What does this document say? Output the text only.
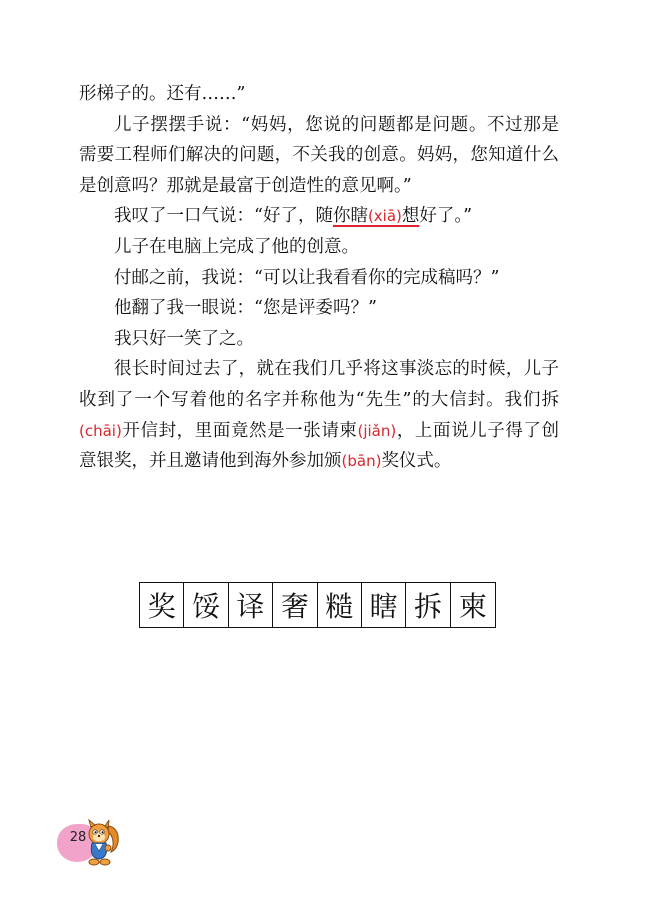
形梯子的。还有……”

儿子摆摆手说：“妈妈，您说的问题都是问题。不过那是需要工程师们解决的问题，不关我的创意。妈妈，您知道什么是创意吗？那就是最富于创造性的意见啊。”

我叹了一口气说：“好了，随你瞎(xiā)想好了。”

儿子在电脑上完成了他的创意。

付邮之前，我说：“可以让我看看你的完成稿吗？”

他翻了我一眼说：“您是评委吗？”

我只好一笑了之。

很长时间过去了，就在我们几乎将这事淡忘的时候，儿子收到了一个写着他的名字并称他为“先生”的大信封。我们拆(chāi)开信封，里面竟然是一张请柬(jiǎn)，上面说儿子得了创意银奖，并且邀请他到海外参加颁(bān)奖仪式。

奖 馁 译 奢 糙 瞎 拆 柬
28
